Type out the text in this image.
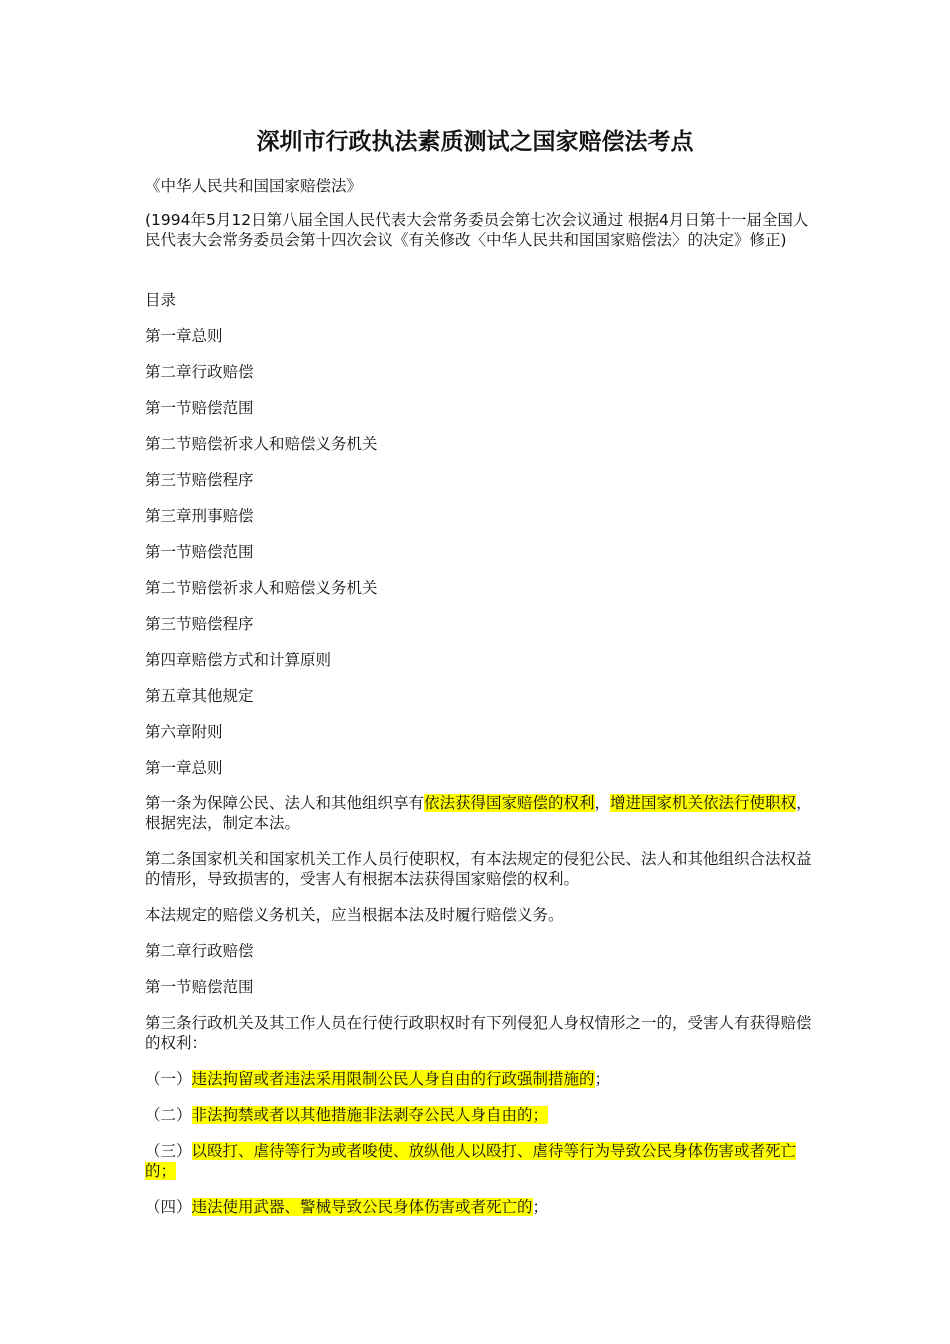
深圳市行政执法素质测试之国家赔偿法考点

《中华人民共和国国家赔偿法》

(1994年5月12日第八届全国人民代表大会常务委员会第七次会议通过 根据4月日第十一届全国人民代表大会常务委员会第十四次会议《有关修改〈中华人民共和国国家赔偿法〉的决定》修正)

目录

第一章总则

第二章行政赔偿

第一节赔偿范围

第二节赔偿祈求人和赔偿义务机关

第三节赔偿程序

第三章刑事赔偿

第一节赔偿范围

第二节赔偿祈求人和赔偿义务机关

第三节赔偿程序

第四章赔偿方式和计算原则

第五章其他规定

第六章附则

第一章总则

第一条为保障公民、法人和其他组织享有依法获得国家赔偿的权利，增进国家机关依法行使职权，根据宪法，制定本法。

第二条国家机关和国家机关工作人员行使职权，有本法规定的侵犯公民、法人和其他组织合法权益的情形，导致损害的，受害人有根据本法获得国家赔偿的权利。

本法规定的赔偿义务机关，应当根据本法及时履行赔偿义务。

第二章行政赔偿

第一节赔偿范围

第三条行政机关及其工作人员在行使行政职权时有下列侵犯人身权情形之一的，受害人有获得赔偿的权利：

（一）违法拘留或者违法采用限制公民人身自由的行政强制措施的；

（二）非法拘禁或者以其他措施非法剥夺公民人身自由的；

（三）以殴打、虐待等行为或者唆使、放纵他人以殴打、虐待等行为导致公民身体伤害或者死亡的；

（四）违法使用武器、警械导致公民身体伤害或者死亡的；
